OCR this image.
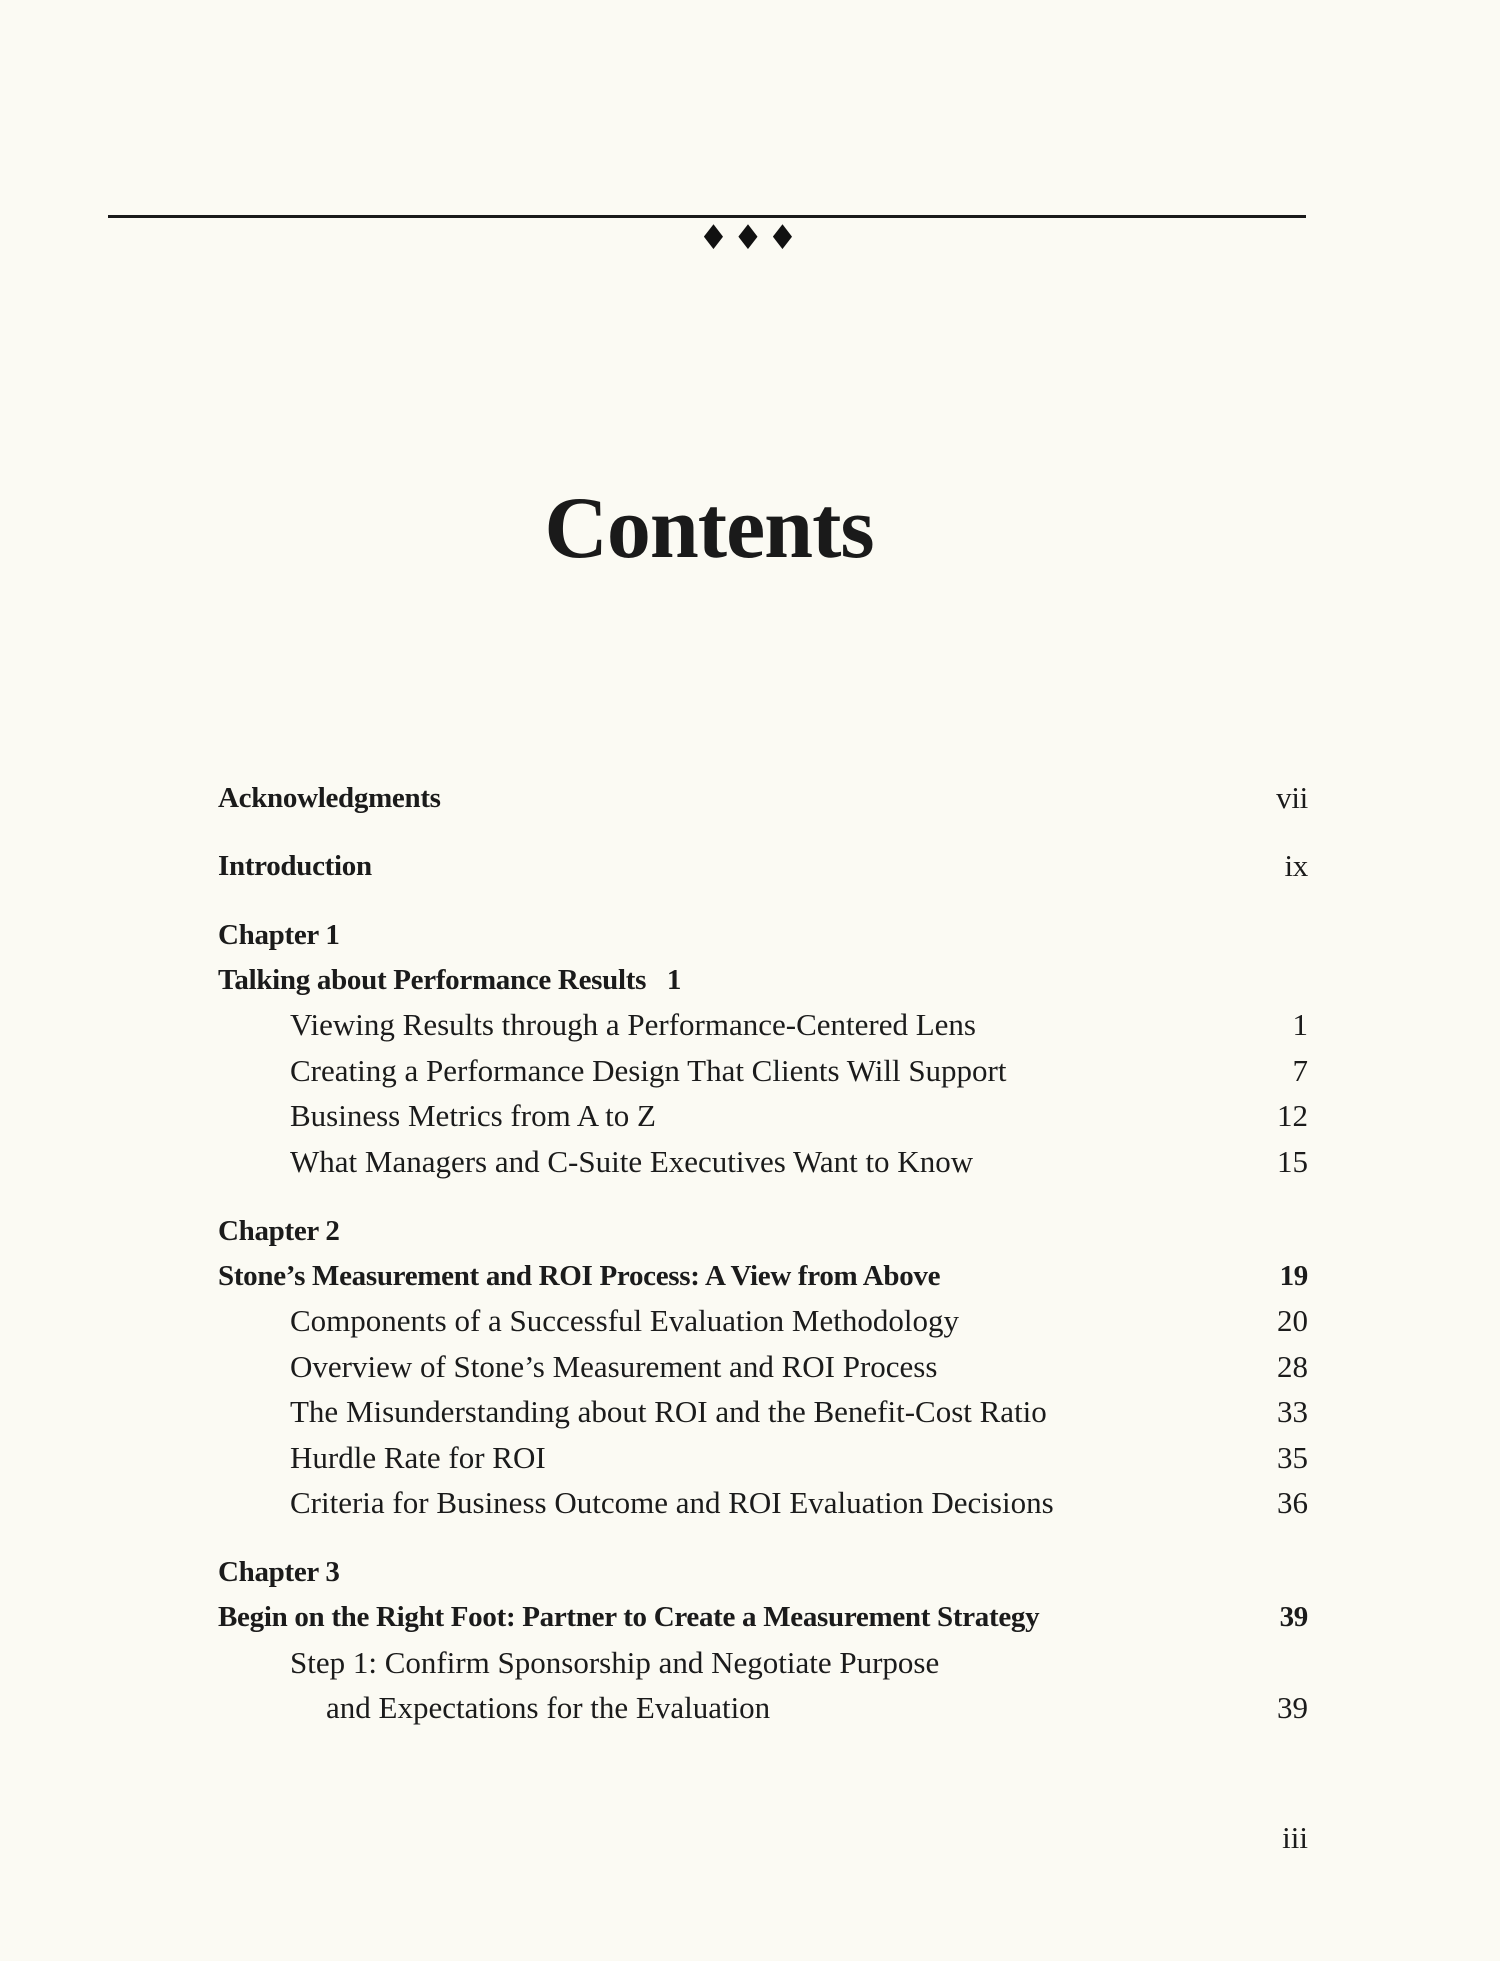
♦♦♦
Contents
Acknowledgments	vii
Introduction	ix
Chapter 1
Talking about Performance Results   1
Viewing Results through a Performance-Centered Lens	1
Creating a Performance Design That Clients Will Support	7
Business Metrics from A to Z	12
What Managers and C-Suite Executives Want to Know	15
Chapter 2
Stone’s Measurement and ROI Process: A View from Above	19
Components of a Successful Evaluation Methodology	20
Overview of Stone’s Measurement and ROI Process	28
The Misunderstanding about ROI and the Benefit-Cost Ratio	33
Hurdle Rate for ROI	35
Criteria for Business Outcome and ROI Evaluation Decisions	36
Chapter 3
Begin on the Right Foot: Partner to Create a Measurement Strategy	39
Step 1: Confirm Sponsorship and Negotiate Purpose
and Expectations for the Evaluation	39
iii
